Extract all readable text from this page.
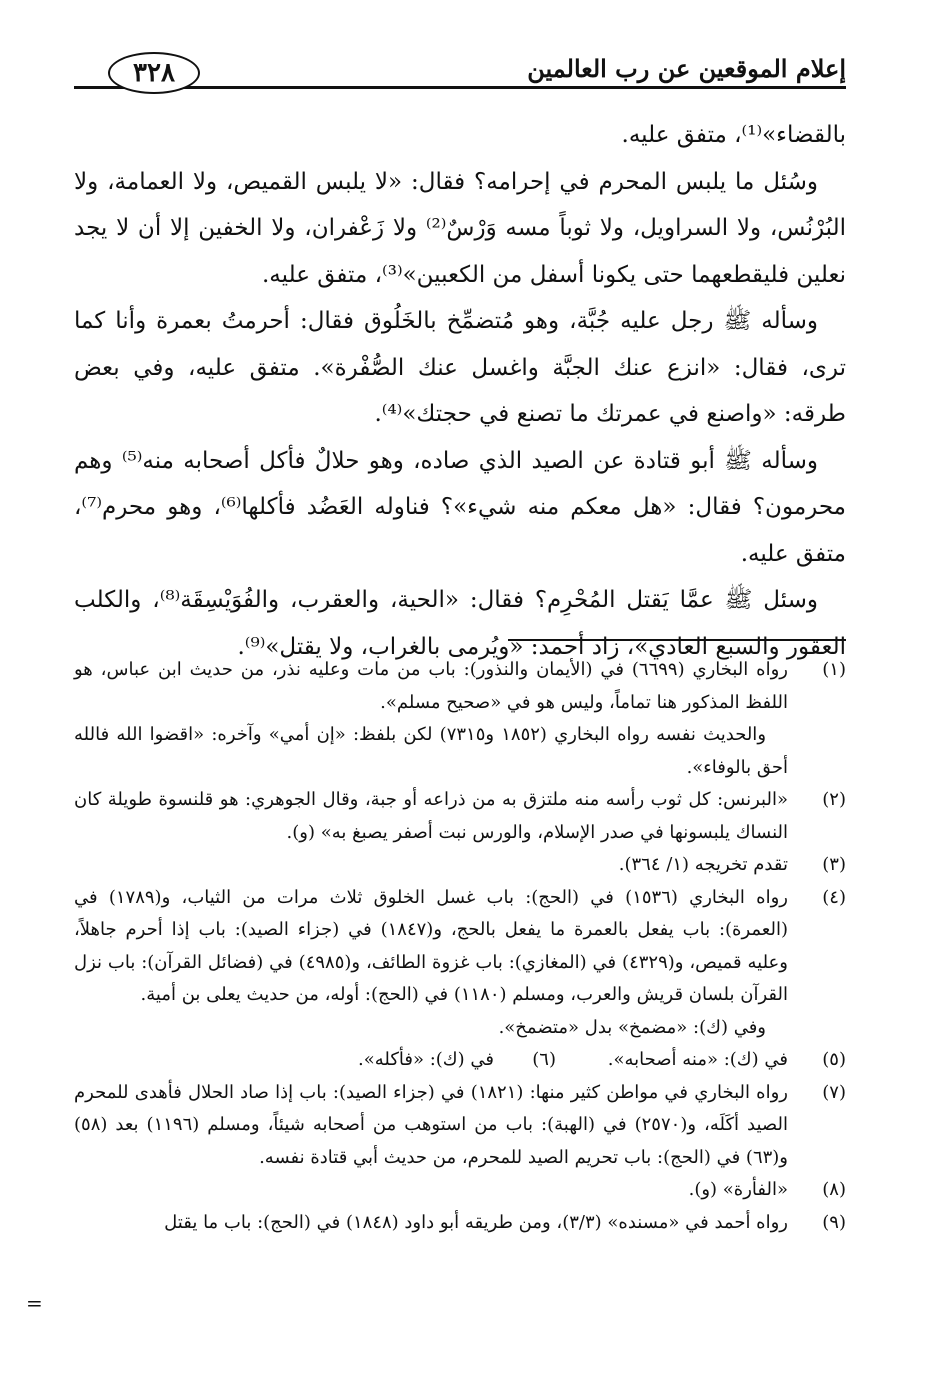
إعلام الموقعين عن رب العالمين
٣٢٨

بالقضاء»⁽¹⁾، متفق عليه.

وسُئل ما يلبس المحرم في إحرامه؟ فقال: «لا يلبس القميص، ولا العمامة، ولا البُرْنُس، ولا السراويل، ولا ثوباً مسه وَرْسٌ⁽²⁾ ولا زَعْفران، ولا الخفين إلا أن لا يجد نعلين فليقطعهما حتى يكونا أسفل من الكعبين»⁽³⁾، متفق عليه.

وسأله ﷺ رجل عليه جُبَّة، وهو مُتضمِّخ بالخَلُوق فقال: أحرمتُ بعمرة وأنا كما ترى، فقال: «انزع عنك الجبَّة واغسل عنك الصُّفْرة». متفق عليه، وفي بعض طرقه: «واصنع في عمرتك ما تصنع في حجتك»⁽⁴⁾.

وسأله ﷺ أبو قتادة عن الصيد الذي صاده، وهو حلالٌ فأكل أصحابه منه⁽⁵⁾ وهم محرمون؟ فقال: «هل معكم منه شيء»؟ فناوله العَضُد فأكلها⁽⁶⁾، وهو محرم⁽⁷⁾، متفق عليه.

وسئل ﷺ عمَّا يَقتل المُحْرِم؟ فقال: «الحية، والعقرب، والفُوَيْسِقَة⁽⁸⁾، والكلب العقور والسبع العادي»، زاد أحمد: «ويُرمى بالغراب، ولا يقتل»⁽⁹⁾.

(١)

رواه البخاري (٦٦٩٩) في (الأيمان والنذور): باب من مات وعليه نذر، من حديث ابن عباس، هو اللفظ المذكور هنا تماماً، وليس هو في «صحيح مسلم».

والحديث نفسه رواه البخاري (١٨٥٢ و٧٣١٥) لكن بلفظ: «إن أمي» وآخره: «اقضوا الله فالله أحق بالوفاء».

(٢)
«البرنس: كل ثوب رأسه منه ملتزق به من ذراعه أو جبة، وقال الجوهري: هو قلنسوة طويلة كان النساك يلبسونها في صدر الإسلام، والورس نبت أصفر يصبغ به» (و).
(٣)
تقدم تخريجه (١/ ٣٦٤).
(٤)

رواه البخاري (١٥٣٦) في (الحج): باب غسل الخلوق ثلاث مرات من الثياب، و(١٧٨٩) في (العمرة): باب يفعل بالعمرة ما يفعل بالحج، و(١٨٤٧) في (جزاء الصيد): باب إذا أحرم جاهلاً، وعليه قميص، و(٤٣٢٩) في (المغازي): باب غزوة الطائف، و(٤٩٨٥) في (فضائل القرآن): باب نزل القرآن بلسان قريش والعرب، ومسلم (١١٨٠) في (الحج): أوله، من حديث يعلى بن أمية.

وفي (ك): «مضمخ» بدل «متضمخ».

(٥)
في (ك): «منه أصحابه».
(٦)
في (ك): «فأكله».
(٧)
رواه البخاري في مواطن كثير منها: (١٨٢١) في (جزاء الصيد): باب إذا صاد الحلال فأهدى للمحرم الصيد أكَلَه، و(٢٥٧٠) في (الهبة): باب من استوهب من أصحابه شيئاً، ومسلم (١١٩٦) بعد (٥٨) و(٦٣) في (الحج): باب تحريم الصيد للمحرم، من حديث أبي قتادة نفسه.
(٨)
«الفأرة» (و).
(٩)
رواه أحمد في «مسنده» (٣/٣)، ومن طريقه أبو داود (١٨٤٨) في (الحج): باب ما يقتل
=
